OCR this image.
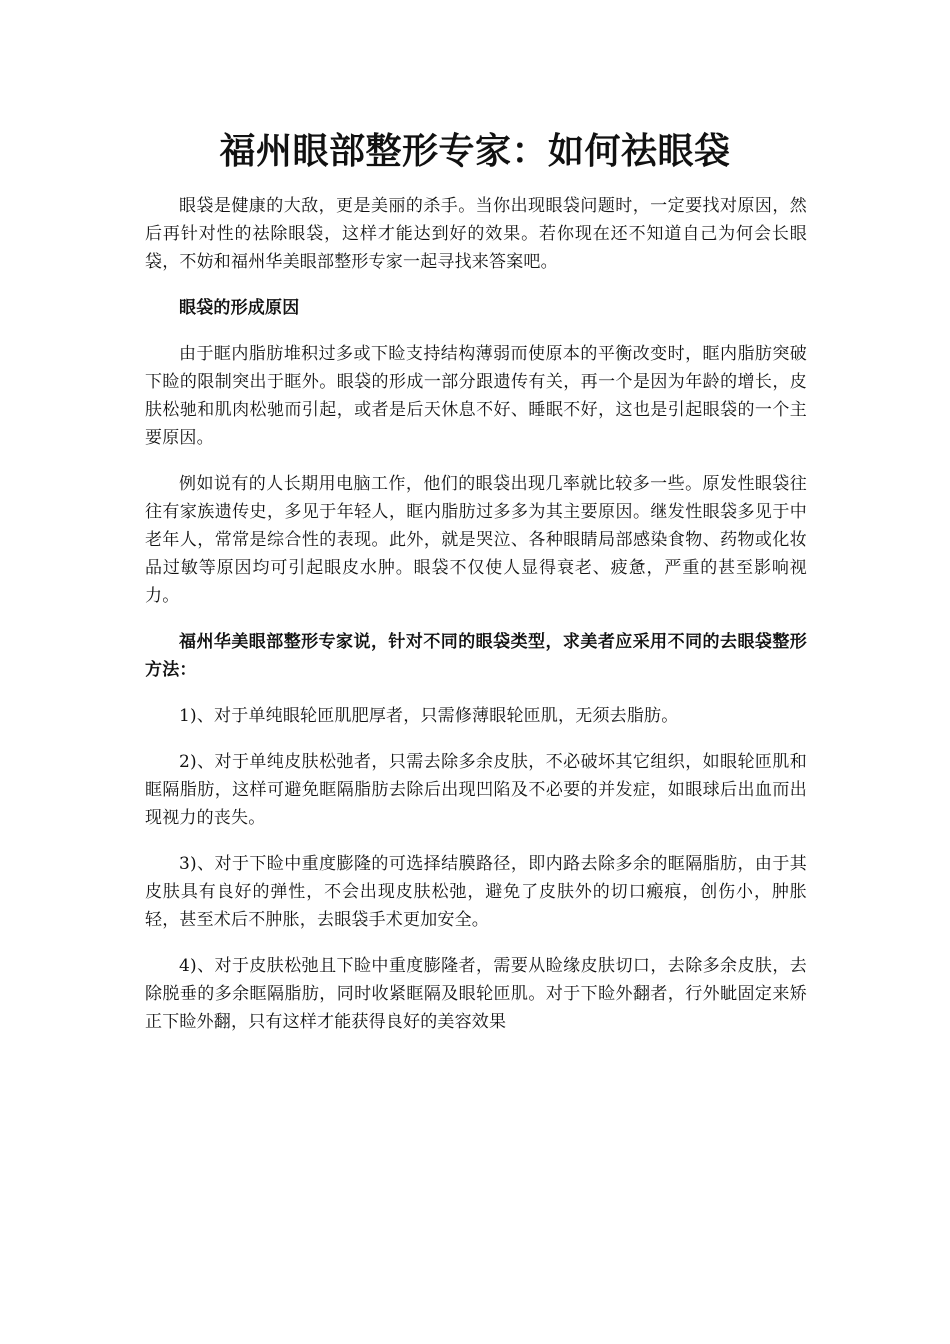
福州眼部整形专家：如何祛眼袋

眼袋是健康的大敌，更是美丽的杀手。当你出现眼袋问题时，一定要找对原因，然后再针对性的祛除眼袋，这样才能达到好的效果。若你现在还不知道自己为何会长眼袋，不妨和福州华美眼部整形专家一起寻找来答案吧。

眼袋的形成原因

由于眶内脂肪堆积过多或下睑支持结构薄弱而使原本的平衡改变时，眶内脂肪突破下睑的限制突出于眶外。眼袋的形成一部分跟遗传有关，再一个是因为年龄的增长，皮肤松驰和肌肉松驰而引起，或者是后天休息不好、睡眠不好，这也是引起眼袋的一个主要原因。

例如说有的人长期用电脑工作，他们的眼袋出现几率就比较多一些。原发性眼袋往往有家族遗传史，多见于年轻人，眶内脂肪过多多为其主要原因。继发性眼袋多见于中老年人，常常是综合性的表现。此外，就是哭泣、各种眼睛局部感染食物、药物或化妆品过敏等原因均可引起眼皮水肿。眼袋不仅使人显得衰老、疲惫，严重的甚至影响视力。

福州华美眼部整形专家说，针对不同的眼袋类型，求美者应采用不同的去眼袋整形方法：

1)、对于单纯眼轮匝肌肥厚者，只需修薄眼轮匝肌，无须去脂肪。

2)、对于单纯皮肤松弛者，只需去除多余皮肤，不必破坏其它组织，如眼轮匝肌和眶隔脂肪，这样可避免眶隔脂肪去除后出现凹陷及不必要的并发症，如眼球后出血而出现视力的丧失。

3)、对于下睑中重度膨隆的可选择结膜路径，即内路去除多余的眶隔脂肪，由于其皮肤具有良好的弹性，不会出现皮肤松弛，避免了皮肤外的切口瘢痕，创伤小，肿胀轻，甚至术后不肿胀，去眼袋手术更加安全。

4)、对于皮肤松弛且下睑中重度膨隆者，需要从睑缘皮肤切口，去除多余皮肤，去除脱垂的多余眶隔脂肪，同时收紧眶隔及眼轮匝肌。对于下睑外翻者，行外眦固定来矫正下睑外翻，只有这样才能获得良好的美容效果
